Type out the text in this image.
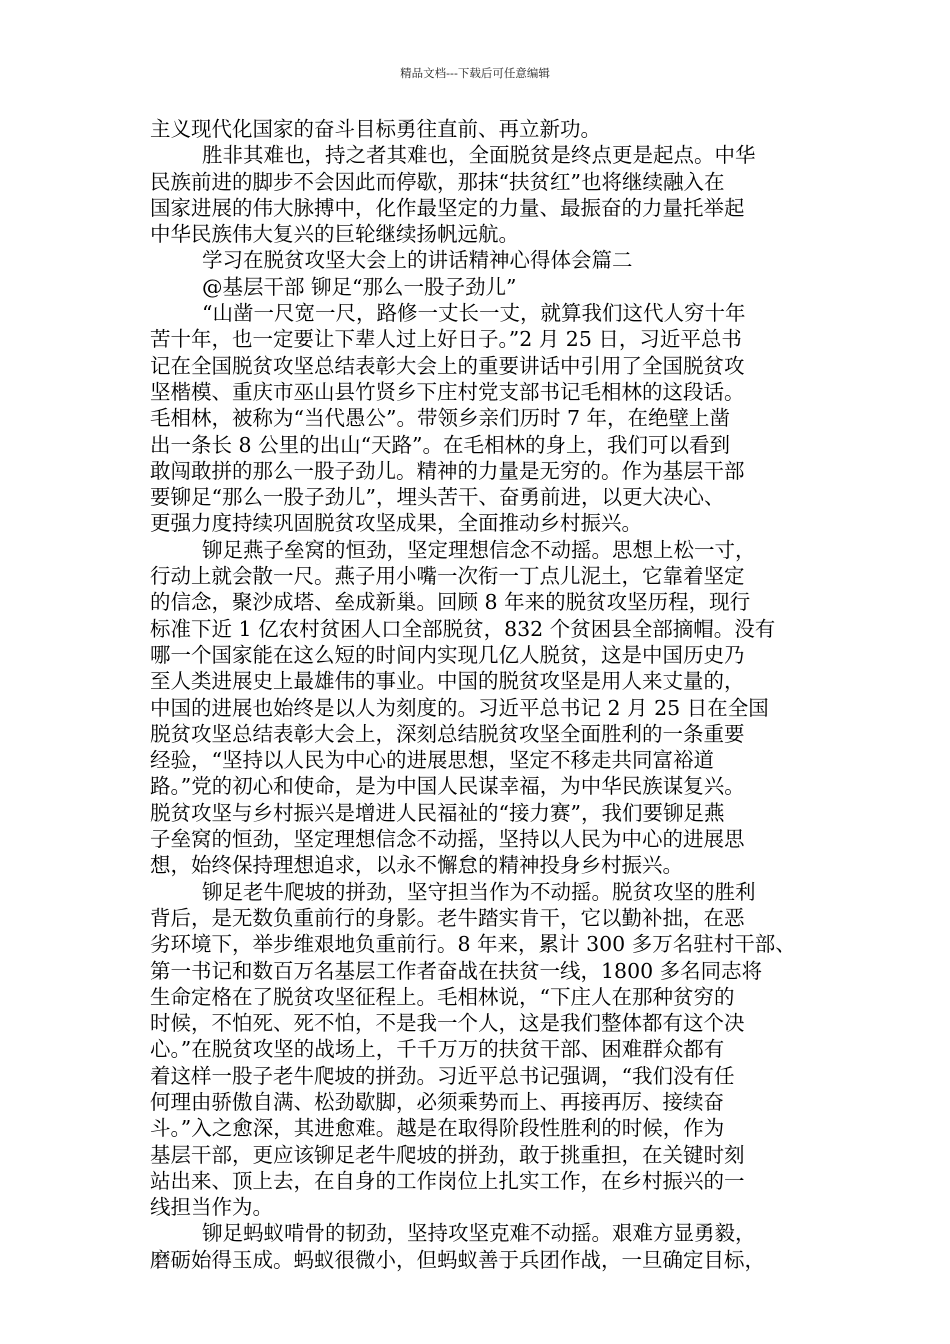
精品文档---下载后可任意编辑
主义现代化国家的奋斗目标勇往直前、再立新功。
胜非其难也，持之者其难也，全面脱贫是终点更是起点。中华
民族前进的脚步不会因此而停歇，那抹“扶贫红”也将继续融入在
国家进展的伟大脉搏中，化作最坚定的力量、最振奋的力量托举起
中华民族伟大复兴的巨轮继续扬帆远航。
学习在脱贫攻坚大会上的讲话精神心得体会篇二
@基层干部 铆足“那么一股子劲儿”
“山凿一尺宽一尺，路修一丈长一丈，就算我们这代人穷十年
苦十年，也一定要让下辈人过上好日子。”2 月 25 日，习近平总书
记在全国脱贫攻坚总结表彰大会上的重要讲话中引用了全国脱贫攻
坚楷模、重庆市巫山县竹贤乡下庄村党支部书记毛相林的这段话。
毛相林，被称为“当代愚公”。带领乡亲们历时 7 年，在绝壁上凿
出一条长 8 公里的出山“天路”。在毛相林的身上，我们可以看到
敢闯敢拼的那么一股子劲儿。精神的力量是无穷的。作为基层干部
要铆足“那么一股子劲儿”，埋头苦干、奋勇前进，以更大决心、
更强力度持续巩固脱贫攻坚成果，全面推动乡村振兴。
铆足燕子垒窝的恒劲，坚定理想信念不动摇。思想上松一寸，
行动上就会散一尺。燕子用小嘴一次衔一丁点儿泥土，它靠着坚定
的信念，聚沙成塔、垒成新巢。回顾 8 年来的脱贫攻坚历程，现行
标准下近 1 亿农村贫困人口全部脱贫，832 个贫困县全部摘帽。没有
哪一个国家能在这么短的时间内实现几亿人脱贫，这是中国历史乃
至人类进展史上最雄伟的事业。中国的脱贫攻坚是用人来丈量的，
中国的进展也始终是以人为刻度的。习近平总书记 2 月 25 日在全国
脱贫攻坚总结表彰大会上，深刻总结脱贫攻坚全面胜利的一条重要
经验，“坚持以人民为中心的进展思想，坚定不移走共同富裕道
路。”党的初心和使命，是为中国人民谋幸福，为中华民族谋复兴。
脱贫攻坚与乡村振兴是增进人民福祉的“接力赛”，我们要铆足燕
子垒窝的恒劲，坚定理想信念不动摇，坚持以人民为中心的进展思
想，始终保持理想追求，以永不懈怠的精神投身乡村振兴。
铆足老牛爬坡的拼劲，坚守担当作为不动摇。脱贫攻坚的胜利
背后，是无数负重前行的身影。老牛踏实肯干，它以勤补拙，在恶
劣环境下，举步维艰地负重前行。8 年来，累计 300 多万名驻村干部、
第一书记和数百万名基层工作者奋战在扶贫一线，1800 多名同志将
生命定格在了脱贫攻坚征程上。毛相林说，“下庄人在那种贫穷的
时候，不怕死、死不怕，不是我一个人，这是我们整体都有这个决
心。”在脱贫攻坚的战场上，千千万万的扶贫干部、困难群众都有
着这样一股子老牛爬坡的拼劲。习近平总书记强调，“我们没有任
何理由骄傲自满、松劲歇脚，必须乘势而上、再接再厉、接续奋
斗。”入之愈深，其进愈难。越是在取得阶段性胜利的时候，作为
基层干部，更应该铆足老牛爬坡的拼劲，敢于挑重担，在关键时刻
站出来、顶上去，在自身的工作岗位上扎实工作，在乡村振兴的一
线担当作为。
铆足蚂蚁啃骨的韧劲，坚持攻坚克难不动摇。艰难方显勇毅，
磨砺始得玉成。蚂蚁很微小，但蚂蚁善于兵团作战，一旦确定目标，
